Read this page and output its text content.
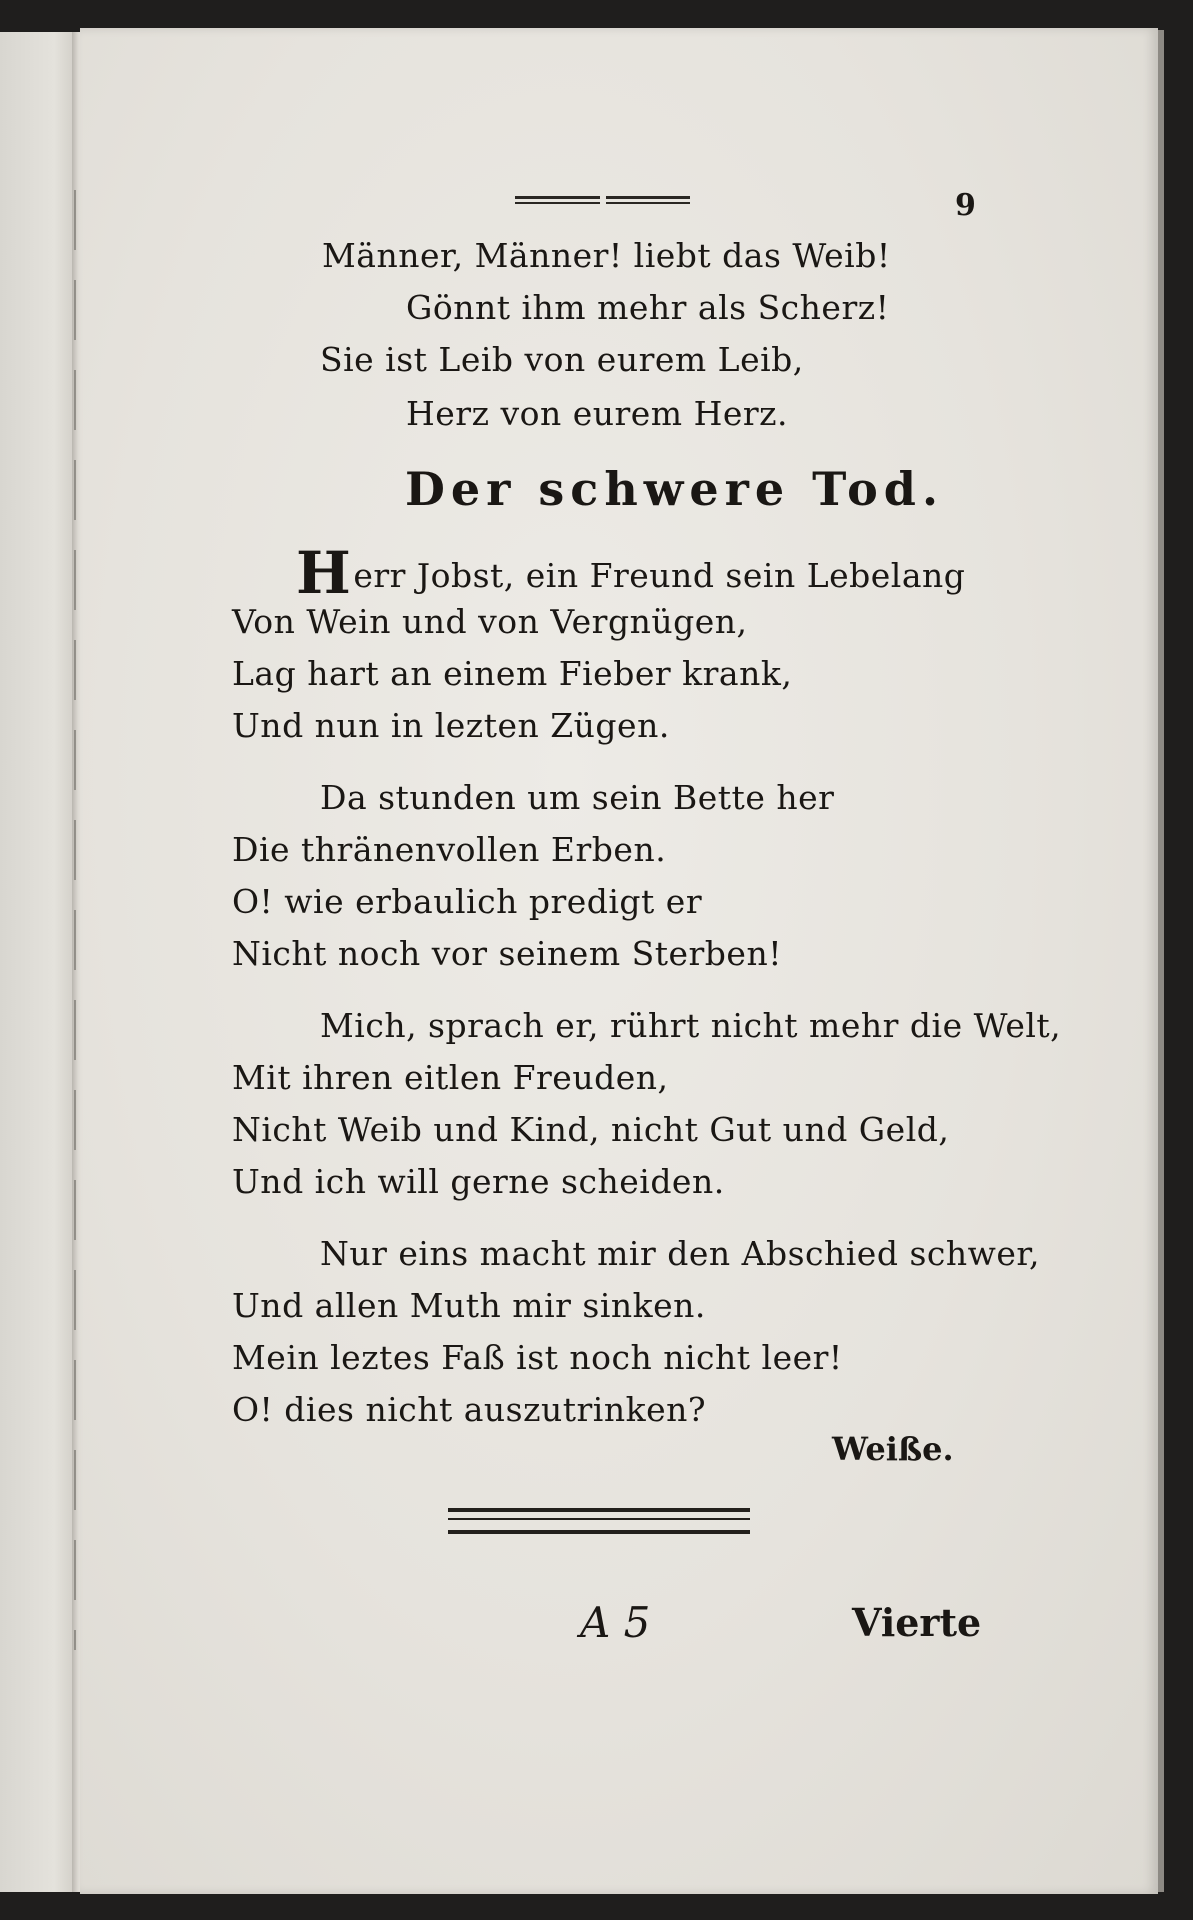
9
Männer, Männer! liebt das Weib!
Gönnt ihm mehr als Scherz!
Sie ist Leib von eurem Leib,
Herz von eurem Herz.
Der schwere Tod.
Herr Jobst, ein Freund sein Lebelang
Von Wein und von Vergnügen,
Lag hart an einem Fieber krank,
Und nun in lezten Zügen.
Da stunden um sein Bette her
Die thränenvollen Erben.
O! wie erbaulich predigt er
Nicht noch vor seinem Sterben!
Mich, sprach er, rührt nicht mehr die Welt,
Mit ihren eitlen Freuden,
Nicht Weib und Kind, nicht Gut und Geld,
Und ich will gerne scheiden.
Nur eins macht mir den Abschied schwer,
Und allen Muth mir sinken.
Mein leztes Faß ist noch nicht leer!
O! dies nicht auszutrinken?
Weiße.
A 5	Vierte
